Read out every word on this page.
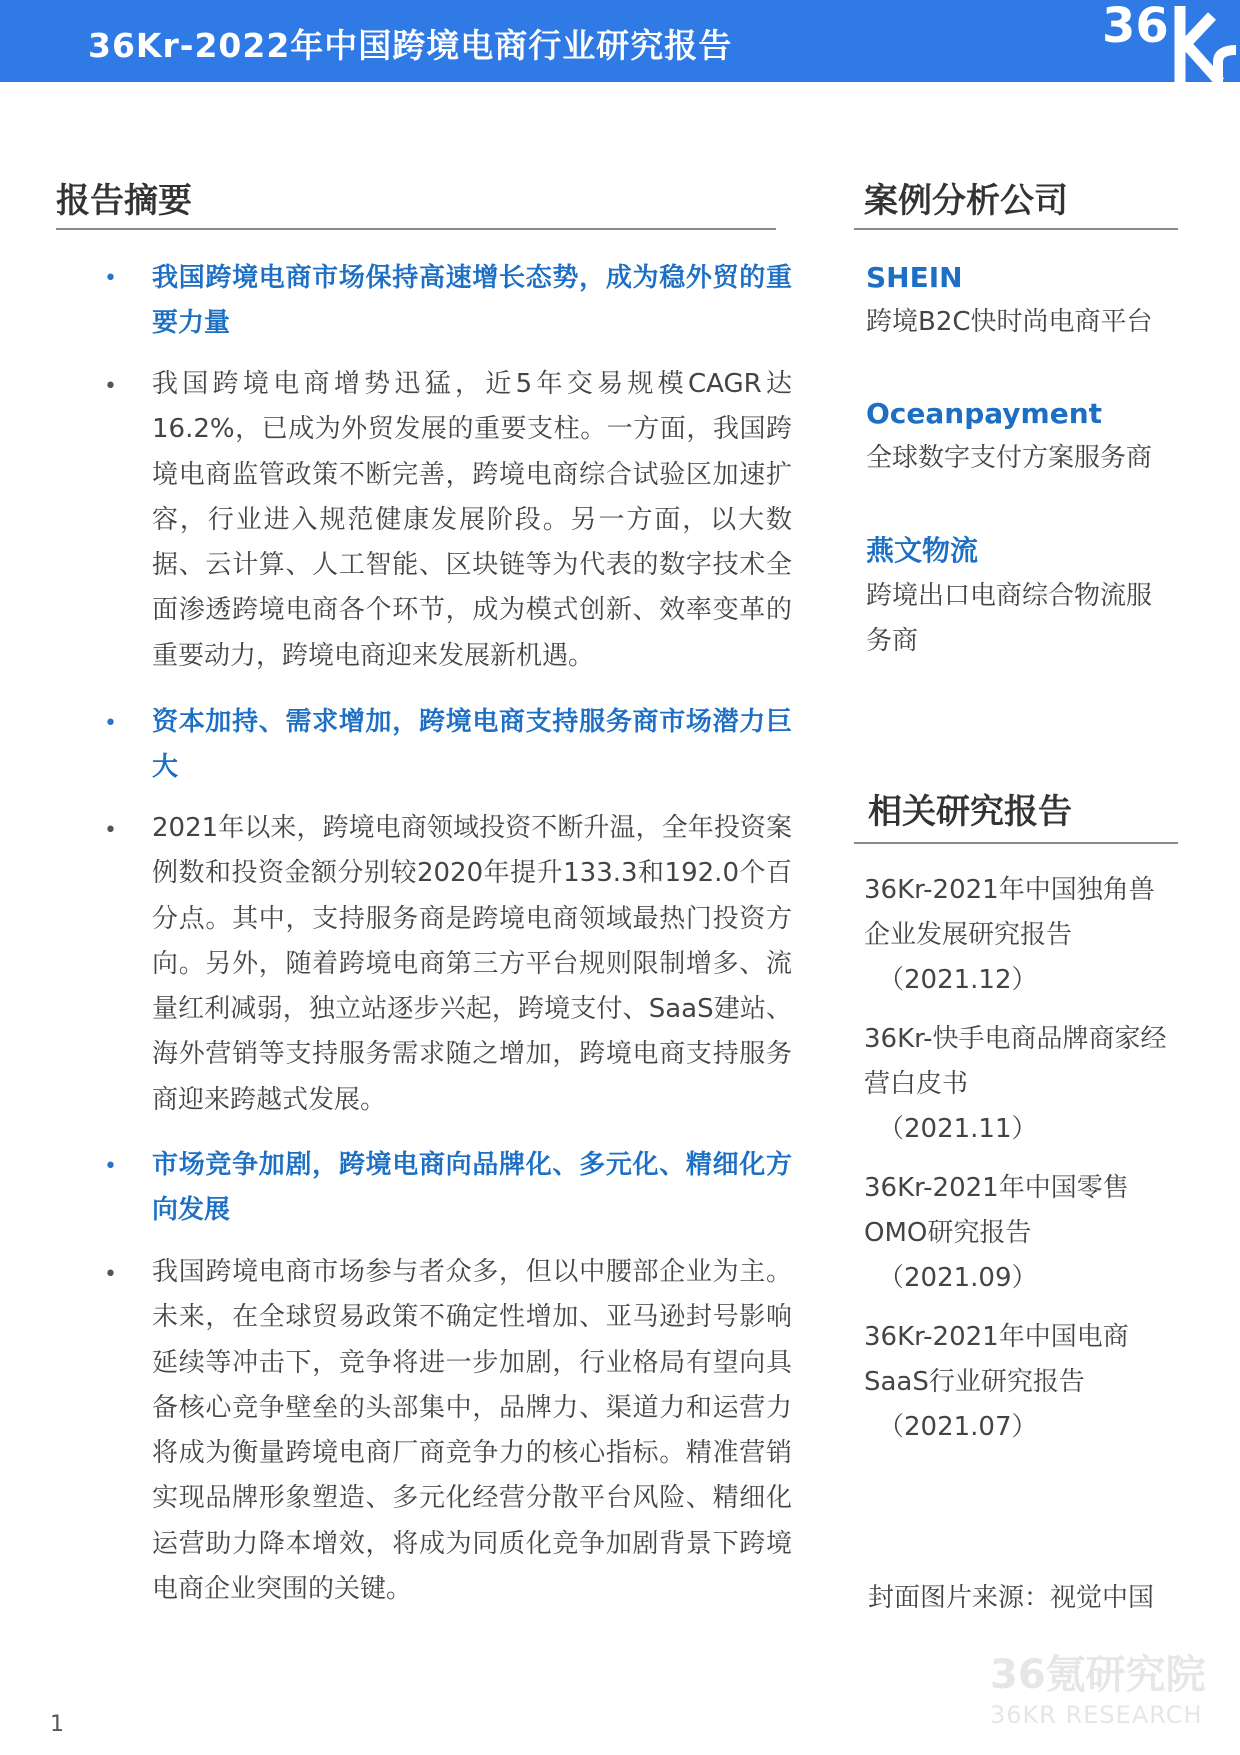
36Kr-2022年中国跨境电商行业研究报告	36
报告摘要
• 我国跨境电商市场保持高速增长态势，成为稳外贸的重要力量
• 我国跨境电商增势迅猛，近5年交易规模CAGR达16.2%，已成为外贸发展的重要支柱。一方面，我国跨境电商监管政策不断完善，跨境电商综合试验区加速扩容，行业进入规范健康发展阶段。另一方面，以大数据、云计算、人工智能、区块链等为代表的数字技术全面渗透跨境电商各个环节，成为模式创新、效率变革的重要动力，跨境电商迎来发展新机遇。
• 资本加持、需求增加，跨境电商支持服务商市场潜力巨大
• 2021年以来，跨境电商领域投资不断升温，全年投资案例数和投资金额分别较2020年提升133.3和192.0个百分点。其中，支持服务商是跨境电商领域最热门投资方向。另外，随着跨境电商第三方平台规则限制增多、流量红利减弱，独立站逐步兴起，跨境支付、SaaS建站、海外营销等支持服务需求随之增加，跨境电商支持服务商迎来跨越式发展。
• 市场竞争加剧，跨境电商向品牌化、多元化、精细化方向发展
• 我国跨境电商市场参与者众多，但以中腰部企业为主。未来，在全球贸易政策不确定性增加、亚马逊封号影响延续等冲击下，竞争将进一步加剧，行业格局有望向具备核心竞争壁垒的头部集中，品牌力、渠道力和运营力将成为衡量跨境电商厂商竞争力的核心指标。精准营销实现品牌形象塑造、多元化经营分散平台风险、精细化运营助力降本增效，将成为同质化竞争加剧背景下跨境电商企业突围的关键。
案例分析公司
SHEIN
跨境B2C快时尚电商平台
Oceanpayment
全球数字支付方案服务商
燕文物流
跨境出口电商综合物流服务商
相关研究报告
36Kr-2021年中国独角兽企业发展研究报告
（2021.12）
36Kr-快手电商品牌商家经营白皮书
（2021.11）
36Kr-2021年中国零售OMO研究报告
（2021.09）
36Kr-2021年中国电商SaaS行业研究报告
（2021.07）
封面图片来源：视觉中国
36氪研究院
36KR RESEARCH
1
